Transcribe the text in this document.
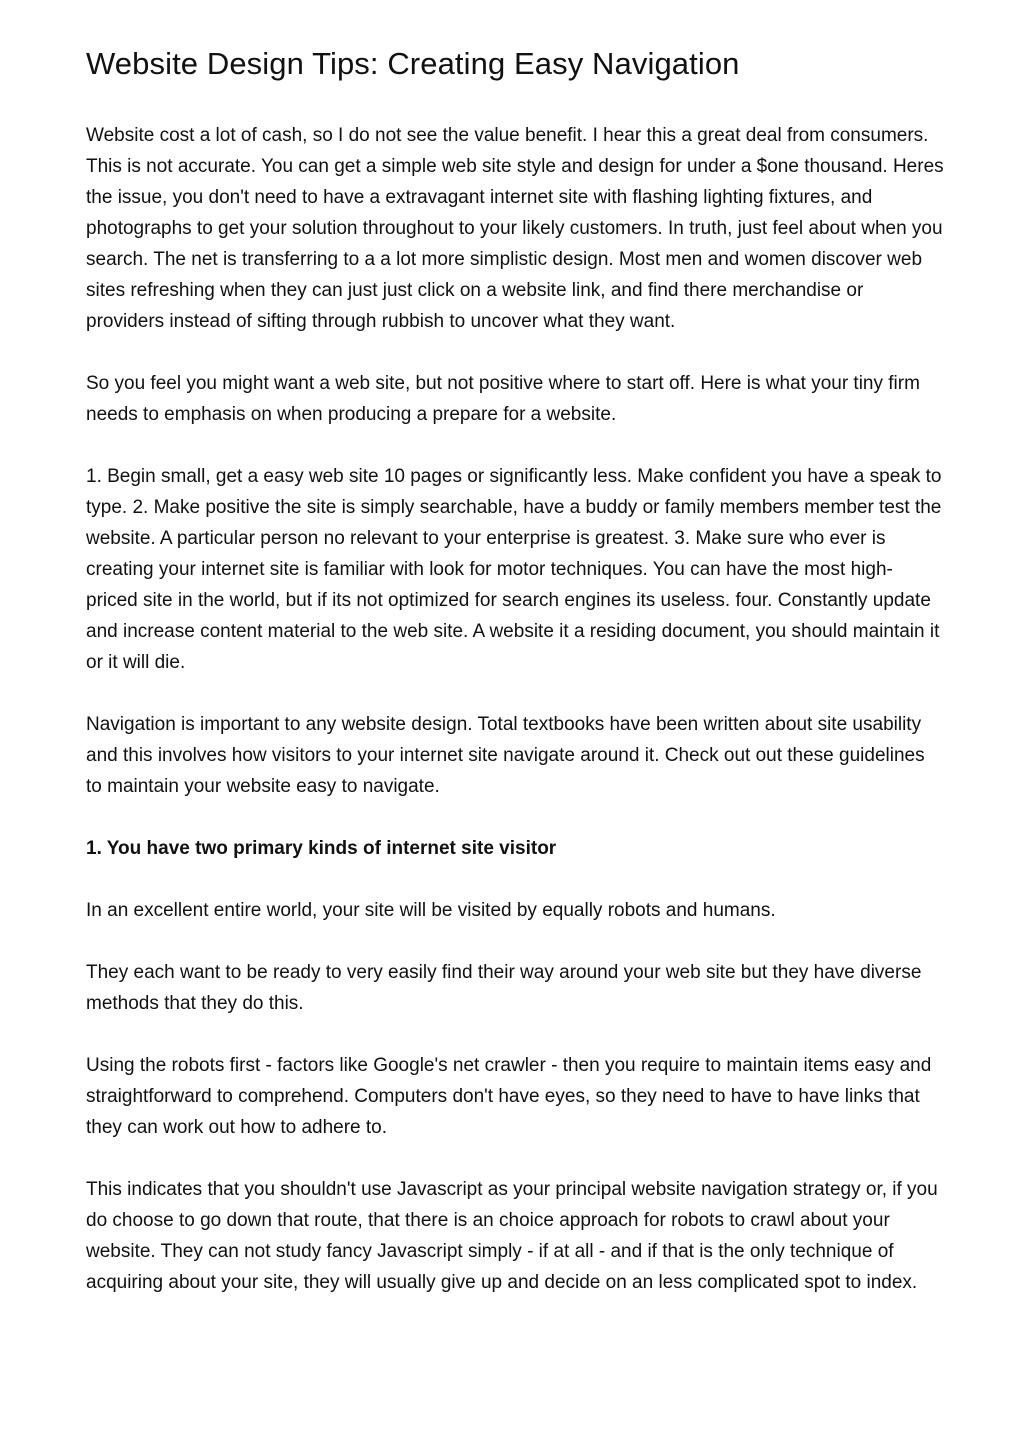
Website Design Tips: Creating Easy Navigation

Website cost a lot of cash, so I do not see the value benefit. I hear this a great deal from consumers. This is not accurate. You can get a simple web site style and design for under a $one thousand. Heres the issue, you don't need to have a extravagant internet site with flashing lighting fixtures, and photographs to get your solution throughout to your likely customers. In truth, just feel about when you search. The net is transferring to a a lot more simplistic design. Most men and women discover web sites refreshing when they can just just click on a website link, and find there merchandise or providers instead of sifting through rubbish to uncover what they want.

So you feel you might want a web site, but not positive where to start off. Here is what your tiny firm needs to emphasis on when producing a prepare for a website.

1. Begin small, get a easy web site 10 pages or significantly less. Make confident you have a speak to type. 2. Make positive the site is simply searchable, have a buddy or family members member test the website. A particular person no relevant to your enterprise is greatest. 3. Make sure who ever is creating your internet site is familiar with look for motor techniques. You can have the most high-priced site in the world, but if its not optimized for search engines its useless. four. Constantly update and increase content material to the web site. A website it a residing document, you should maintain it or it will die.

Navigation is important to any website design. Total textbooks have been written about site usability and this involves how visitors to your internet site navigate around it. Check out out these guidelines to maintain your website easy to navigate.

1. You have two primary kinds of internet site visitor

In an excellent entire world, your site will be visited by equally robots and humans.

They each want to be ready to very easily find their way around your web site but they have diverse methods that they do this.

Using the robots first - factors like Google's net crawler - then you require to maintain items easy and straightforward to comprehend. Computers don't have eyes, so they need to have to have links that they can work out how to adhere to.

This indicates that you shouldn't use Javascript as your principal website navigation strategy or, if you do choose to go down that route, that there is an choice approach for robots to crawl about your website. They can not study fancy Javascript simply - if at all - and if that is the only technique of acquiring about your site, they will usually give up and decide on an less complicated spot to index.
